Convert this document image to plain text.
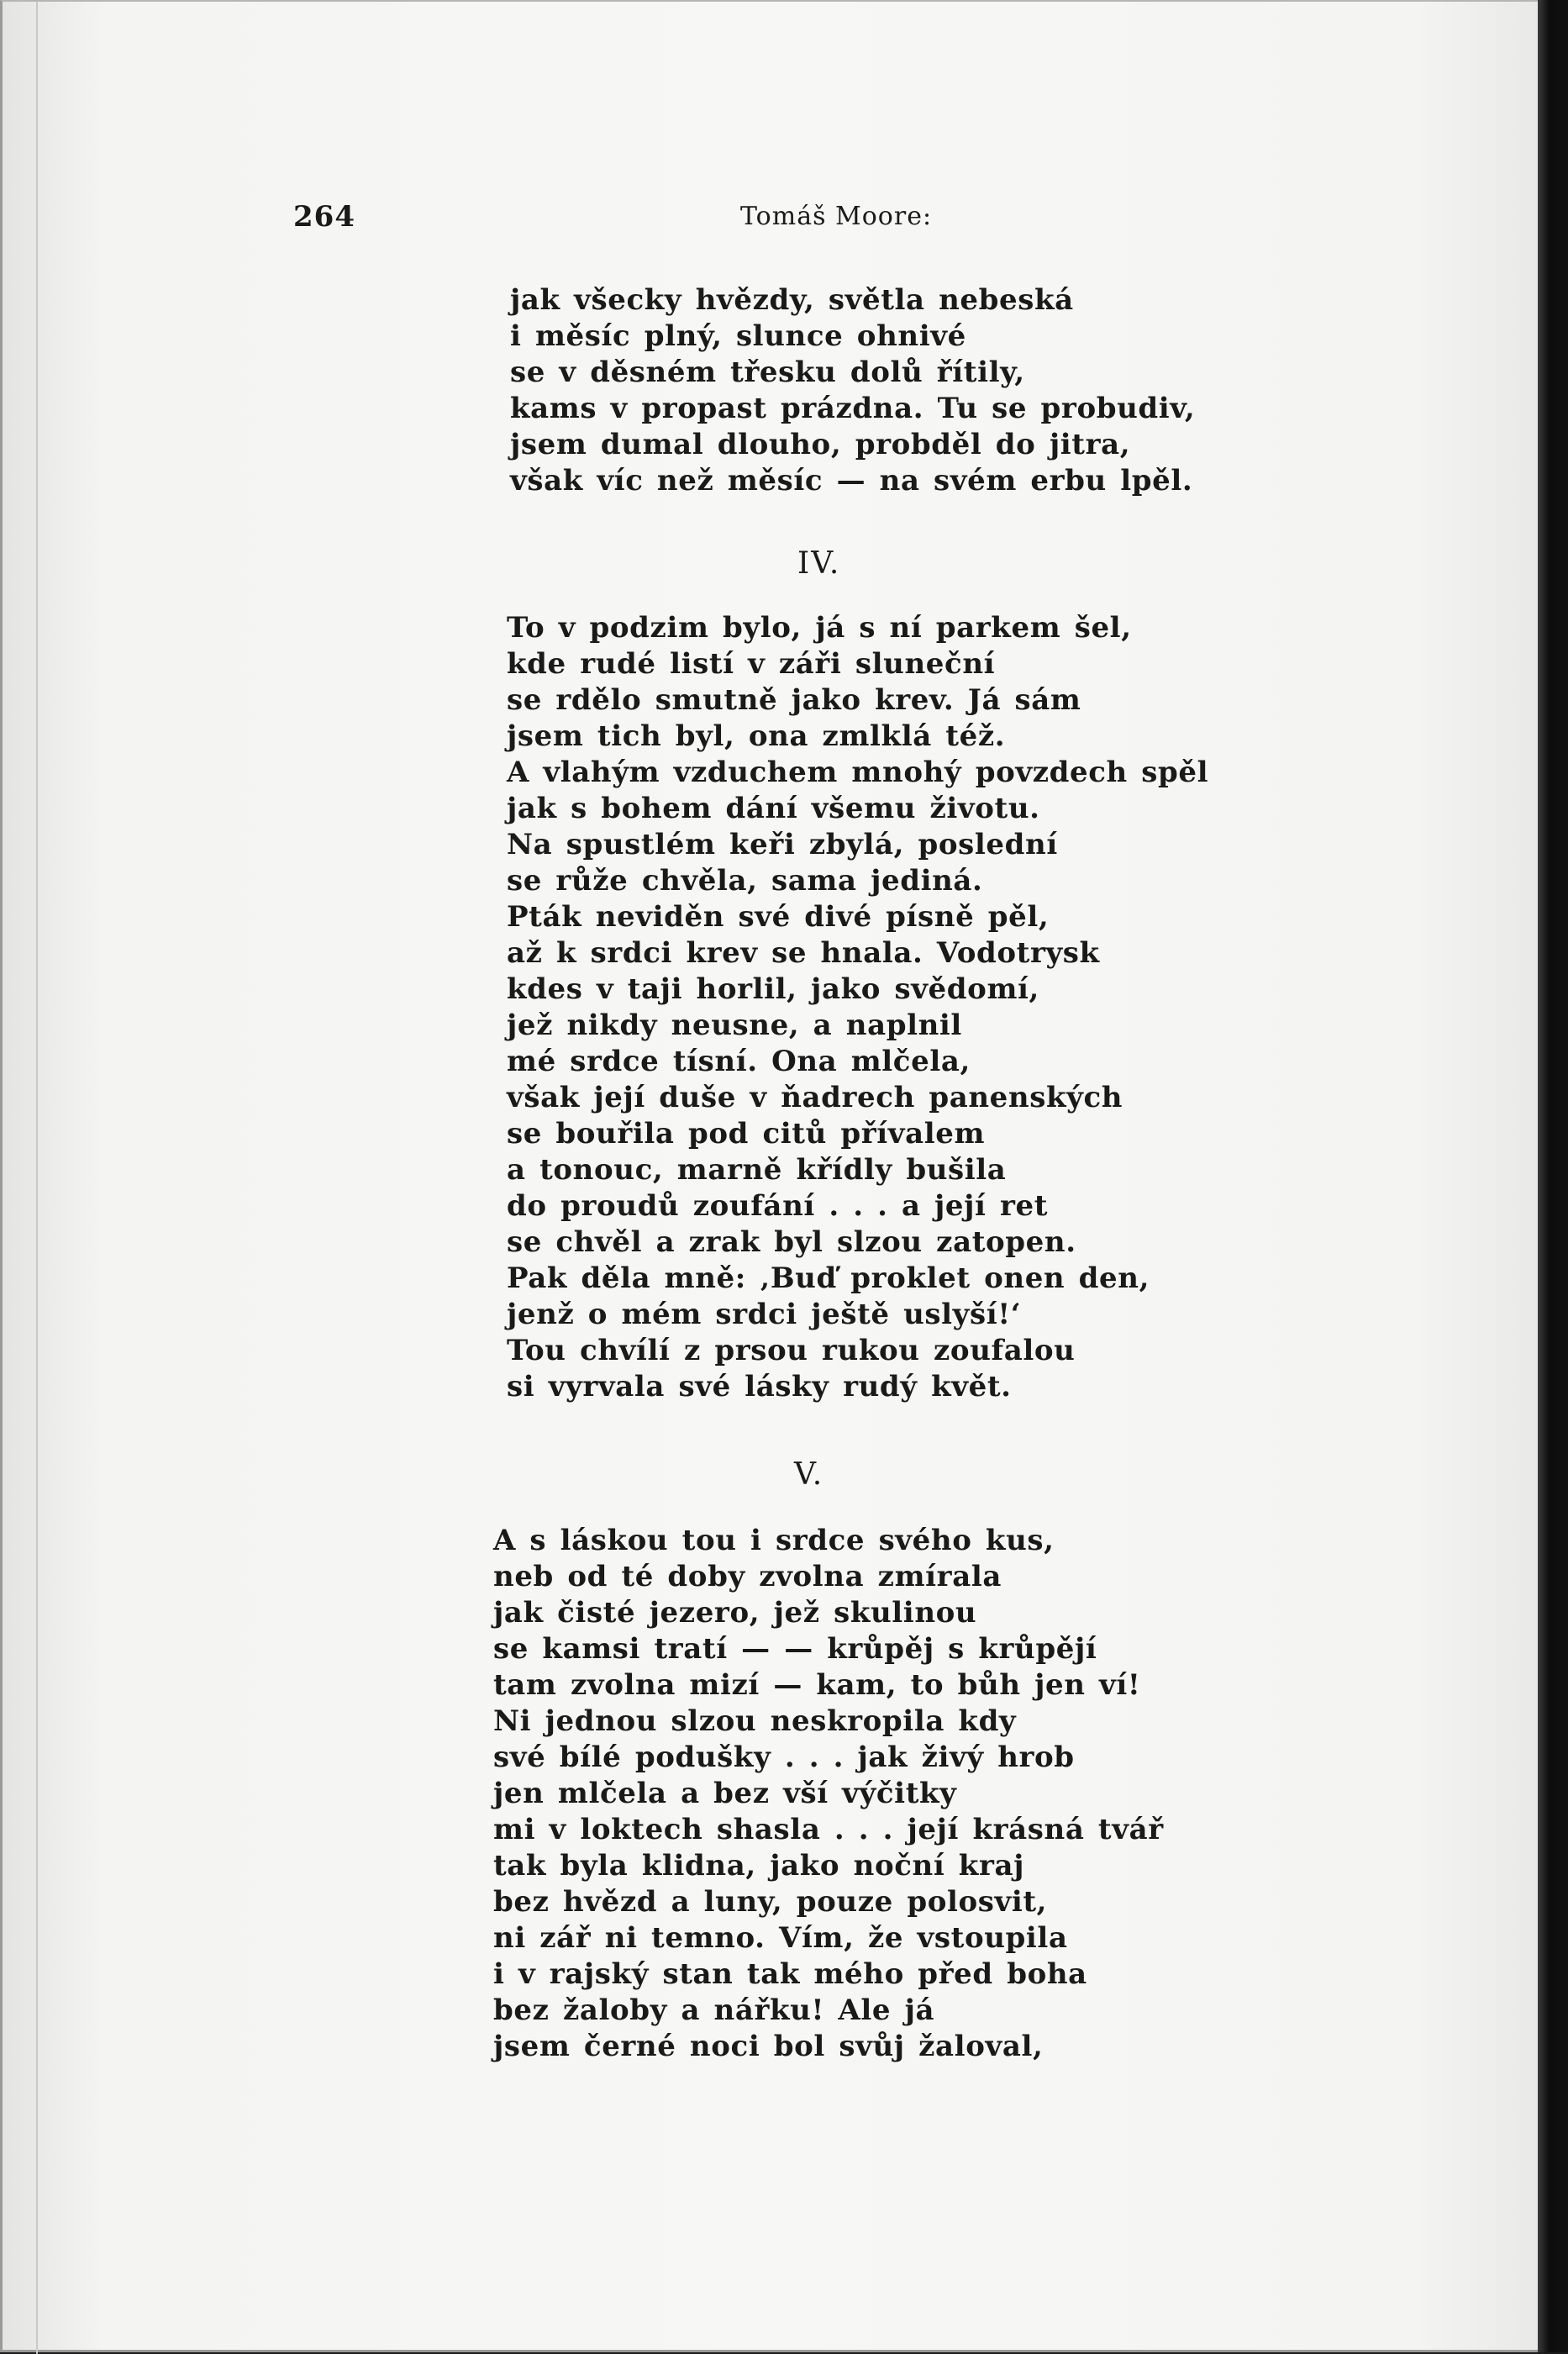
264	Tomáš Moore:
jak všecky hvězdy, světla nebeská
i měsíc plný, slunce ohnivé
se v děsném třesku dolů řítily,
kams v propast prázdna. Tu se probudiv,
jsem dumal dlouho, probděl do jitra,
však víc než měsíc — na svém erbu lpěl.
IV.
To v podzim bylo, já s ní parkem šel,
kde rudé listí v záři sluneční
se rdělo smutně jako krev. Já sám
jsem tich byl, ona zmlklá též.
A vlahým vzduchem mnohý povzdech spěl
jak s bohem dání všemu životu.
Na spustlém keři zbylá, poslední
se růže chvěla, sama jediná.
Pták neviděn své divé písně pěl,
až k srdci krev se hnala. Vodotrysk
kdes v taji horlil, jako svědomí,
jež nikdy neusne, a naplnil
mé srdce tísní. Ona mlčela,
však její duše v ňadrech panenských
se bouřila pod citů přívalem
a tonouc, marně křídly bušila
do proudů zoufání . . . a její ret
se chvěl a zrak byl slzou zatopen.
Pak děla mně: ‚Buď proklet onen den,
jenž o mém srdci ještě uslyší!‘
Tou chvílí z prsou rukou zoufalou
si vyrvala své lásky rudý květ.
V.
A s láskou tou i srdce svého kus,
neb od té doby zvolna zmírala
jak čisté jezero, jež skulinou
se kamsi tratí — — krůpěj s krůpějí
tam zvolna mizí — kam, to bůh jen ví!
Ni jednou slzou neskropila kdy
své bílé podušky . . . jak živý hrob
jen mlčela a bez vší výčitky
mi v loktech shasla . . . její krásná tvář
tak byla klidna, jako noční kraj
bez hvězd a luny, pouze polosvit,
ni zář ni temno. Vím, že vstoupila
i v rajský stan tak mého před boha
bez žaloby a nářku! Ale já
jsem černé noci bol svůj žaloval,
